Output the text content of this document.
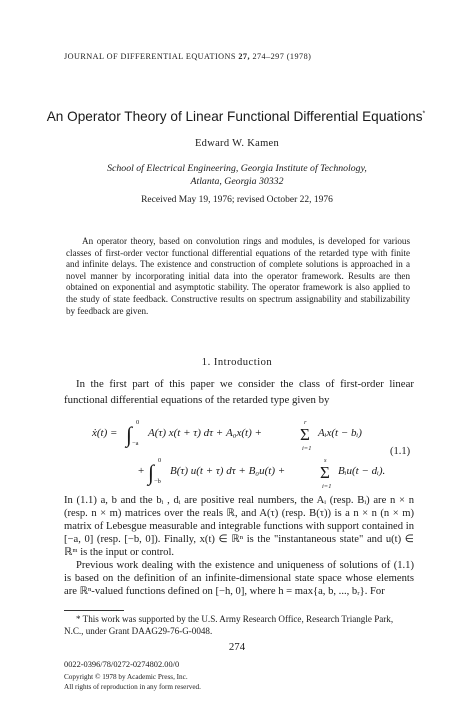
JOURNAL OF DIFFERENTIAL EQUATIONS 27, 274–297 (1978)
An Operator Theory of Linear Functional Differential Equations*
Edward W. Kamen
School of Electrical Engineering, Georgia Institute of Technology,
Atlanta, Georgia 30332
Received May 19, 1976; revised October 22, 1976
An operator theory, based on convolution rings and modules, is developed for various classes of first-order vector functional differential equations of the retarded type with finite and infinite delays. The existence and construction of complete solutions is approached in a novel manner by incorporating initial data into the operator framework. Results are then obtained on exponential and asymptotic stability. The operator framework is also applied to the study of state feedback. Constructive results on spectrum assignability and stabilizability by feedback are given.
1. Introduction
In the first part of this paper we consider the class of first-order linear functional differential equations of the retarded type given by
ẋ(t) = ∫ 0
−a
A(τ) x(t + τ) dτ + A₀x(t) + Σ
r
i=1
Aᵢx(t − bᵢ)
+ ∫ 0
−b
B(τ) u(t + τ) dτ + B₀u(t) + Σ
s
i=1
Bᵢu(t − dᵢ).
(1.1)

In (1.1) a, b and the bᵢ , dᵢ are positive real numbers, the Aᵢ (resp. Bᵢ) are n × n (resp. n × m) matrices over the reals ℝ, and A(τ) (resp. B(τ)) is a n × n (n × m) matrix of Lebesgue measurable and integrable functions with support contained in [−a, 0] (resp. [−b, 0]). Finally, x(t) ∈ ℝⁿ is the "instantaneous state" and u(t) ∈ ℝᵐ is the input or control.

Previous work dealing with the existence and uniqueness of solutions of (1.1) is based on the definition of an infinite-dimensional state space whose elements are ℝⁿ-valued functions defined on [−h, 0], where h = max{a, b, ..., bᵣ}. For

* This work was supported by the U.S. Army Research Office, Research Triangle Park, N.C., under Grant DAAG29-76-G-0048.
274
0022-0396/78/0272-0274802.00/0
Copyright © 1978 by Academic Press, Inc.
All rights of reproduction in any form reserved.
